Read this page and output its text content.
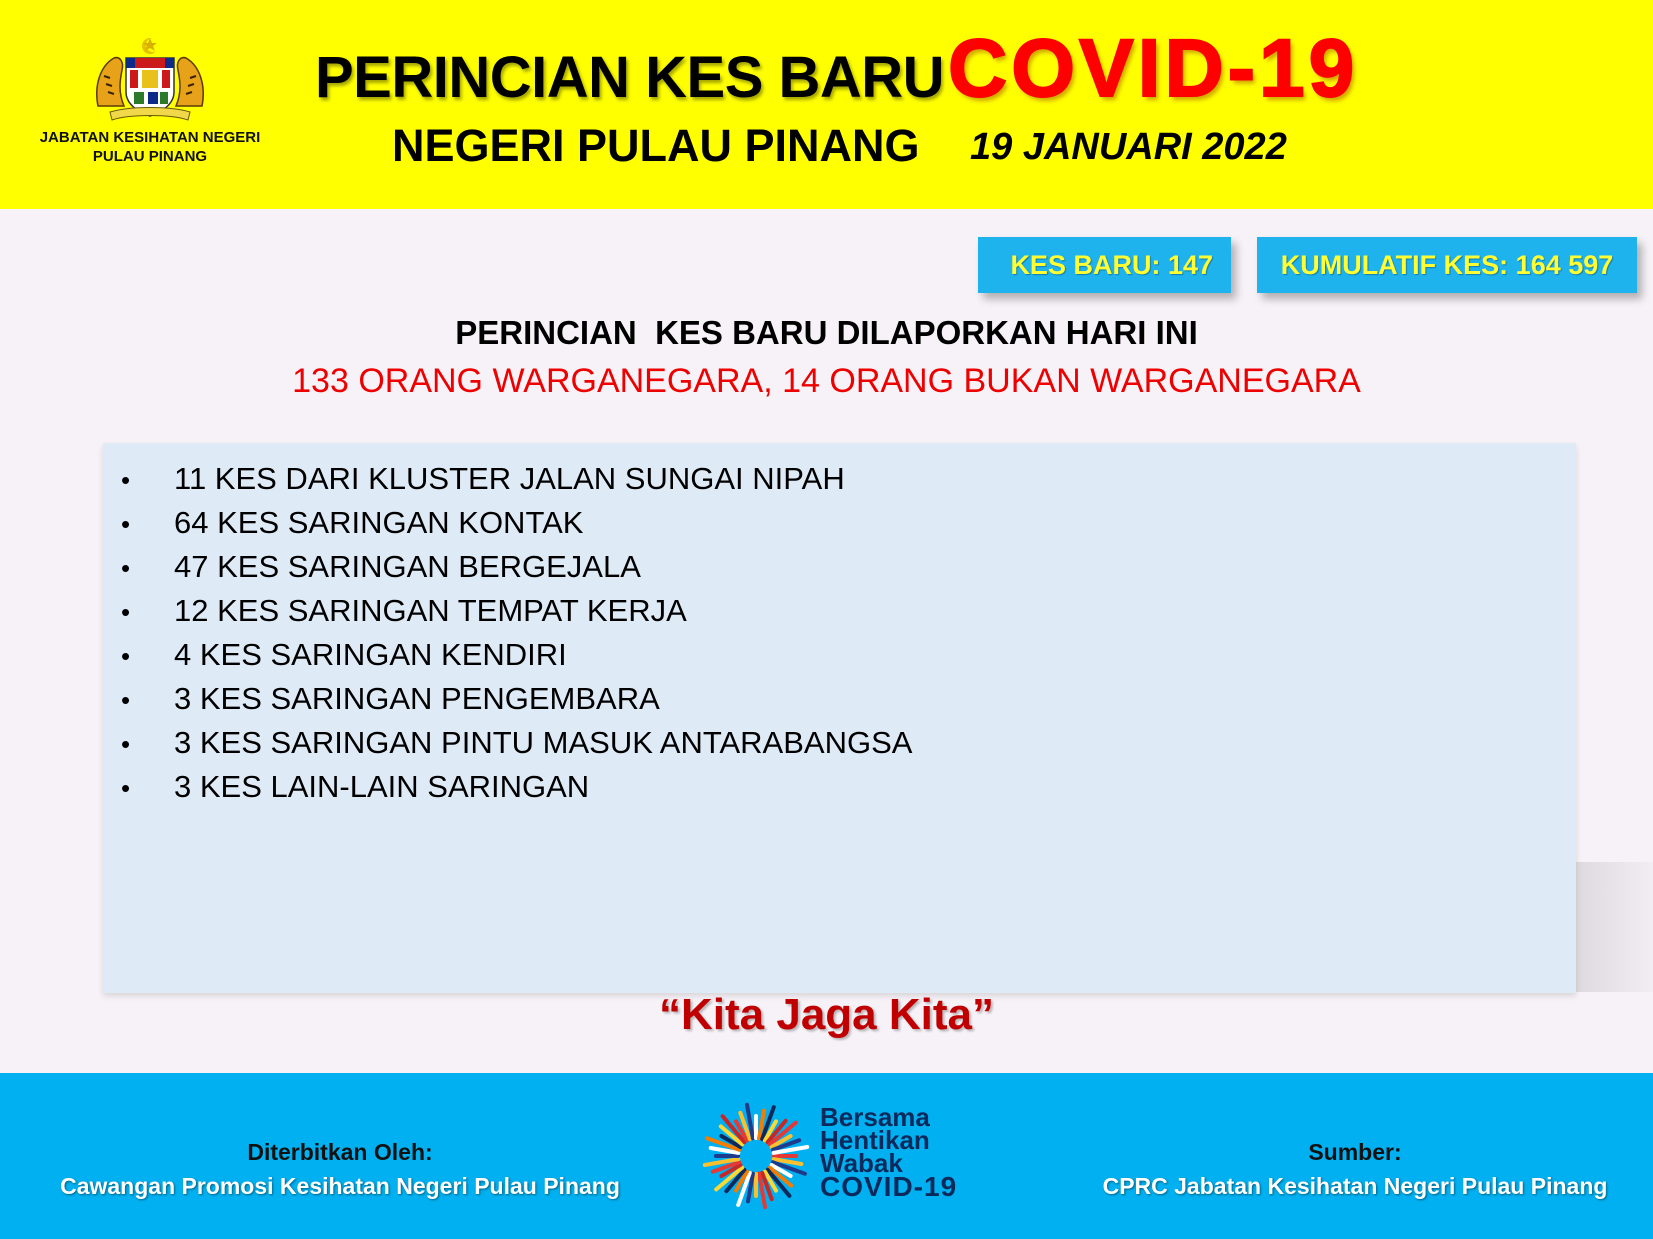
JABATAN KESIHATAN NEGERI
PULAU PINANG
PERINCIAN KES BARU COVID-19
NEGERI PULAU PINANG 19 JANUARI 2022
KES BARU: 147	KUMULATIF KES: 164 597
PERINCIAN  KES BARU DILAPORKAN HARI INI
133 ORANG WARGANEGARA, 14 ORANG BUKAN WARGANEGARA
• 11 KES DARI KLUSTER JALAN SUNGAI NIPAH
• 64 KES SARINGAN KONTAK
• 47 KES SARINGAN BERGEJALA
• 12 KES SARINGAN TEMPAT KERJA
• 4 KES SARINGAN KENDIRI
• 3 KES SARINGAN PENGEMBARA
• 3 KES SARINGAN PINTU MASUK ANTARABANGSA
• 3 KES LAIN-LAIN SARINGAN
“Kita Jaga Kita”
Diterbitkan Oleh:
Cawangan Promosi Kesihatan Negeri Pulau Pinang
Bersama
Hentikan
Wabak
COVID-19
Sumber:
CPRC Jabatan Kesihatan Negeri Pulau Pinang
